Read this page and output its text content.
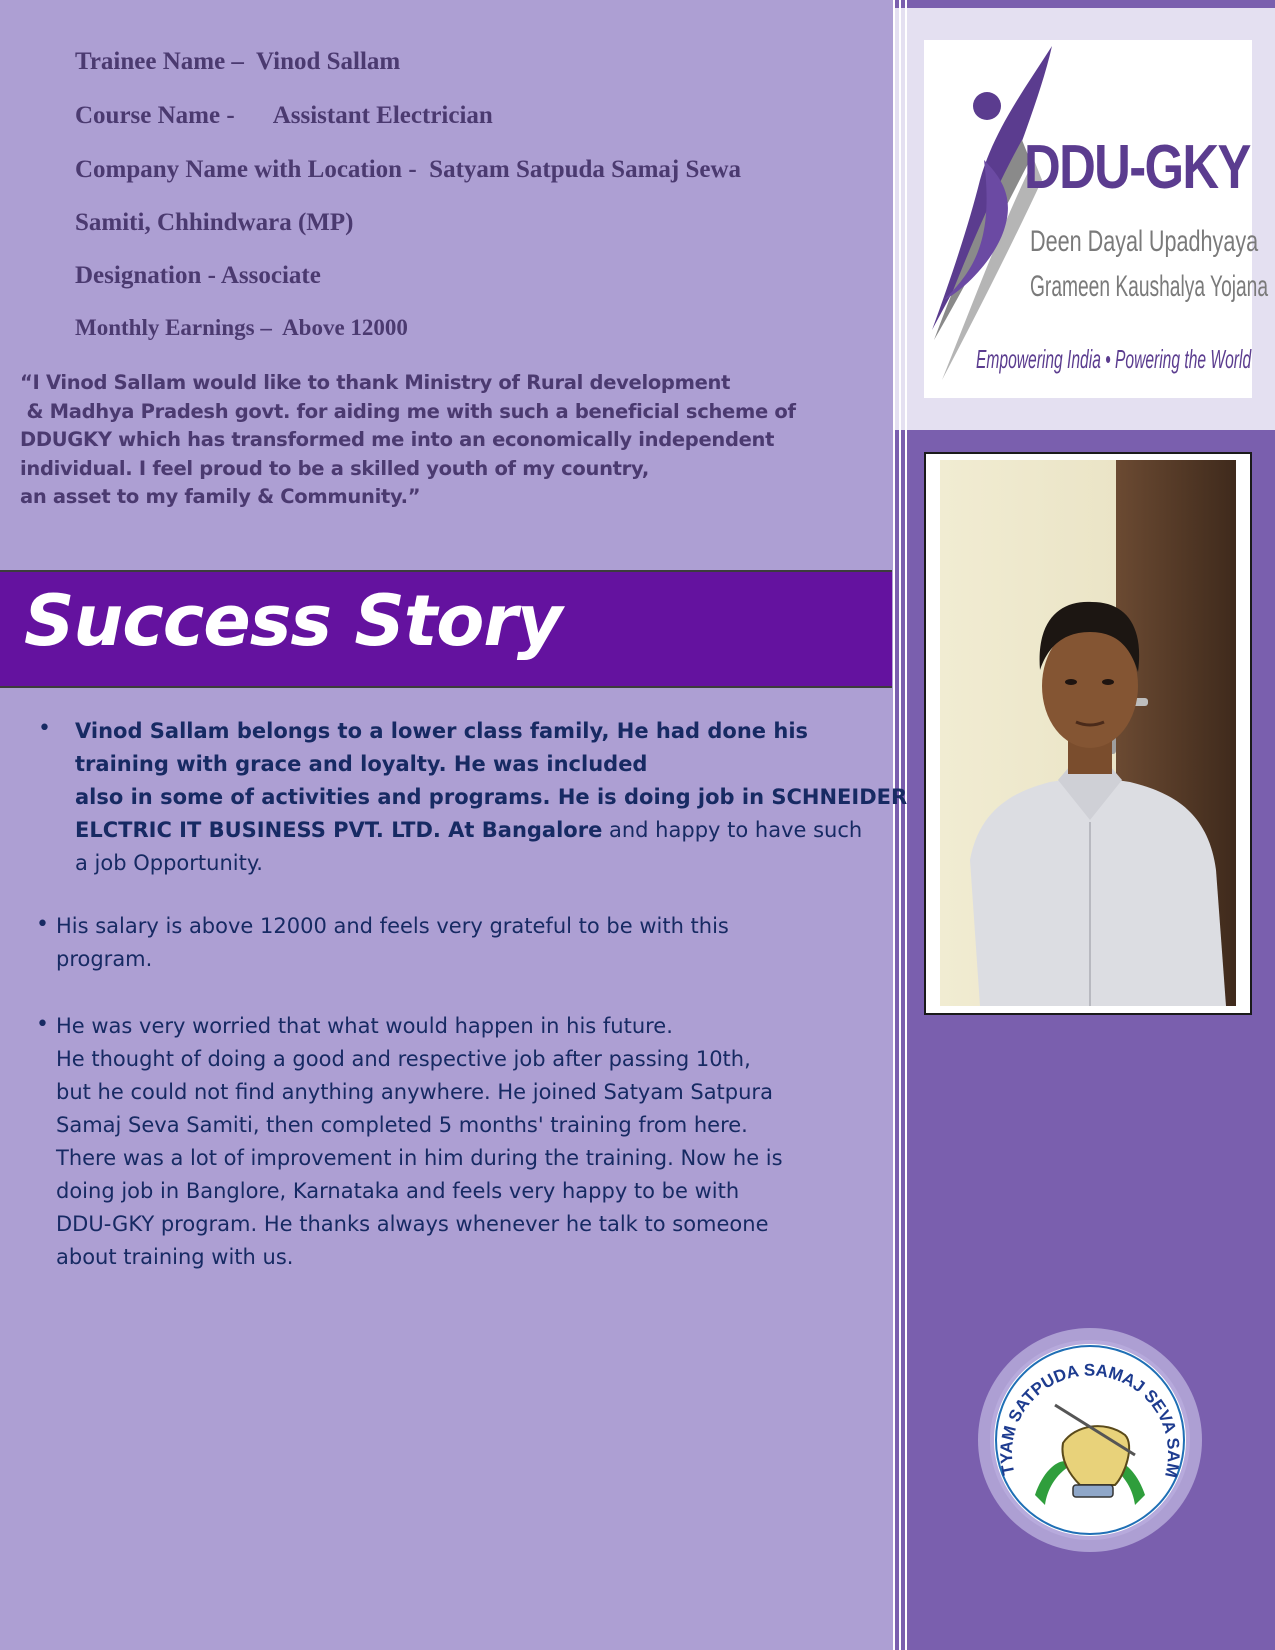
Trainee Name – Vinod Sallam
Course Name - Assistant Electrician
Company Name with Location - Satyam Satpuda Samaj Sewa
Samiti, Chhindwara (MP)
Designation - Associate
Monthly Earnings – Above 12000
“I Vinod Sallam would like to thank Ministry of Rural development
& Madhya Pradesh govt. for aiding me with such a beneficial scheme of
DDUGKY which has transformed me into an economically independent
individual. I feel proud to be a skilled youth of my country,
an asset to my family & Community.”
Success Story
• Vinod Sallam belongs to a lower class family, He had done his
training with grace and loyalty. He was included
also in some of activities and programs. He is doing job in SCHNEIDER
ELCTRIC IT BUSINESS PVT. LTD. At Bangalore and happy to have such
a job Opportunity.
• His salary is above 12000 and feels very grateful to be with this
program.
• He was very worried that what would happen in his future.
He thought of doing a good and respective job after passing 10th,
but he could not find anything anywhere. He joined Satyam Satpura
Samaj Seva Samiti, then completed 5 months' training from here.
There was a lot of improvement in him during the training. Now he is
doing job in Banglore, Karnataka and feels very happy to be with
DDU-GKY program. He thanks always whenever he talk to someone
about training with us.
DDU-GKY
Deen Dayal Upadhyaya
Grameen Kaushalya Yojana
Empowering India • Powering the World
TYAM SATPUDA SAMAJ SEVA SAM
